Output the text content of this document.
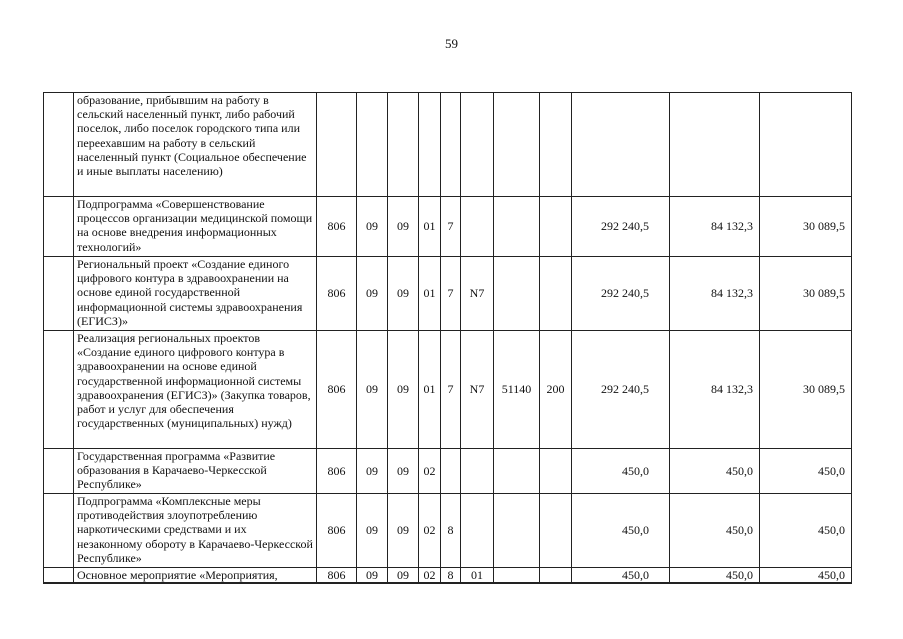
59
	образование, прибывшим на работу в сельский населенный пункт, либо рабочий поселок, либо поселок городского типа или переехавшим на работу в сельский населенный пункт (Социальное обеспечение и иные выплаты населению)											
	Подпрограмма «Совершенствование процессов организации медицинской помощи на основе внедрения информационных технологий»	806	09	09	01	7				292 240,5	84 132,3	30 089,5
	Региональный проект «Создание единого цифрового контура в здравоохранении на основе единой государственной информационной системы здравоохранения (ЕГИСЗ)»	806	09	09	01	7	N7			292 240,5	84 132,3	30 089,5
	Реализация региональных проектов «Создание единого цифрового контура в здравоохранении на основе единой государственной информационной системы здравоохранения (ЕГИСЗ)» (Закупка товаров, работ и услуг для обеспечения государственных (муниципальных) нужд)	806	09	09	01	7	N7	51140	200	292 240,5	84 132,3	30 089,5
	Государственная программа «Развитие образования в Карачаево-Черкесской Республике»	806	09	09	02					450,0	450,0	450,0
	Подпрограмма «Комплексные меры противодействия злоупотреблению наркотическими средствами и их незаконному обороту в Карачаево-Черкесской Республике»	806	09	09	02	8				450,0	450,0	450,0
	Основное мероприятие «Мероприятия,	806	09	09	02	8	01			450,0	450,0	450,0
